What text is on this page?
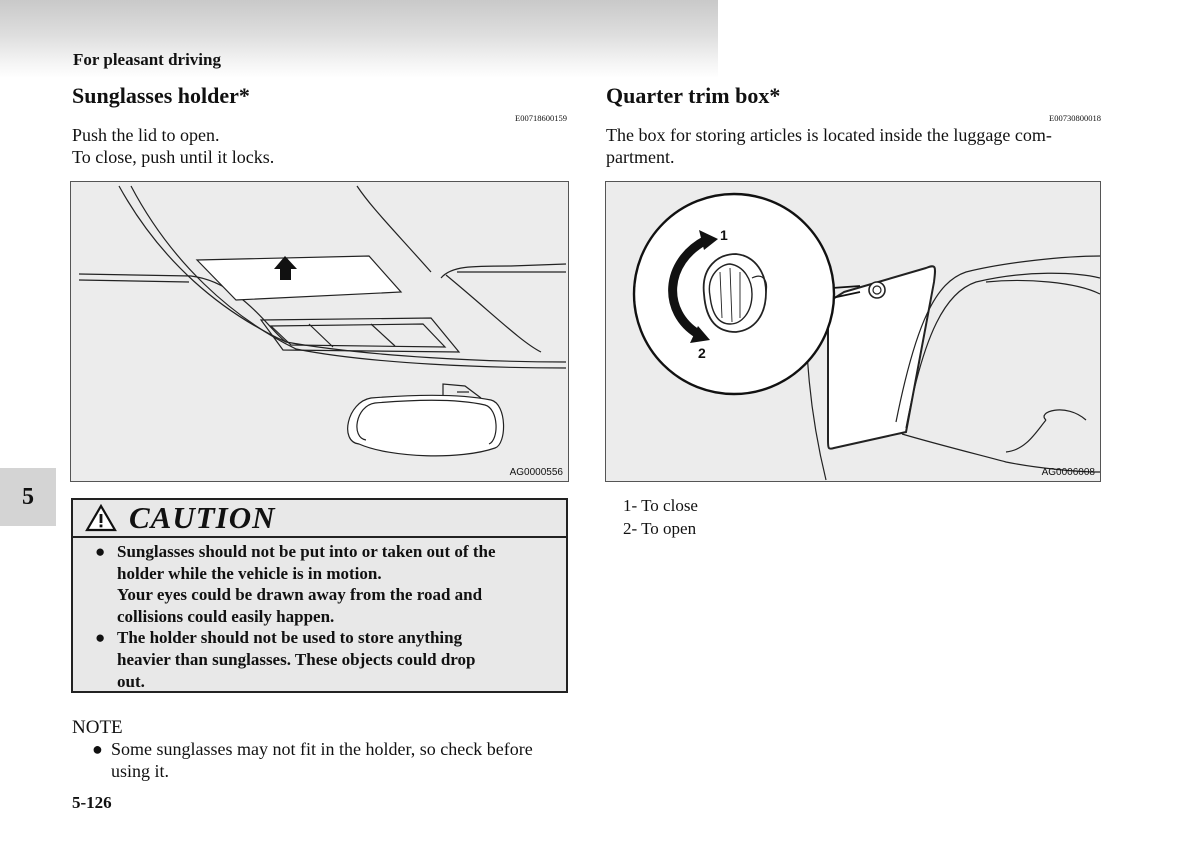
For pleasant driving
Sunglasses holder*
E00718600159
Push the lid to open.
To close, push until it locks.
AG0000556
5
CAUTION
● Sunglasses should not be put into or taken out of the
holder while the vehicle is in motion.
Your eyes could be drawn away from the road and
collisions could easily happen.
● The holder should not be used to store anything
heavier than sunglasses. These objects could drop
out.
NOTE
● Some sunglasses may not fit in the holder, so check before using it.
5-126
Quarter trim box*
E00730800018
The box for storing articles is located inside the luggage com-
partment.
1
2
AG0006008
1- To close
2- To open
